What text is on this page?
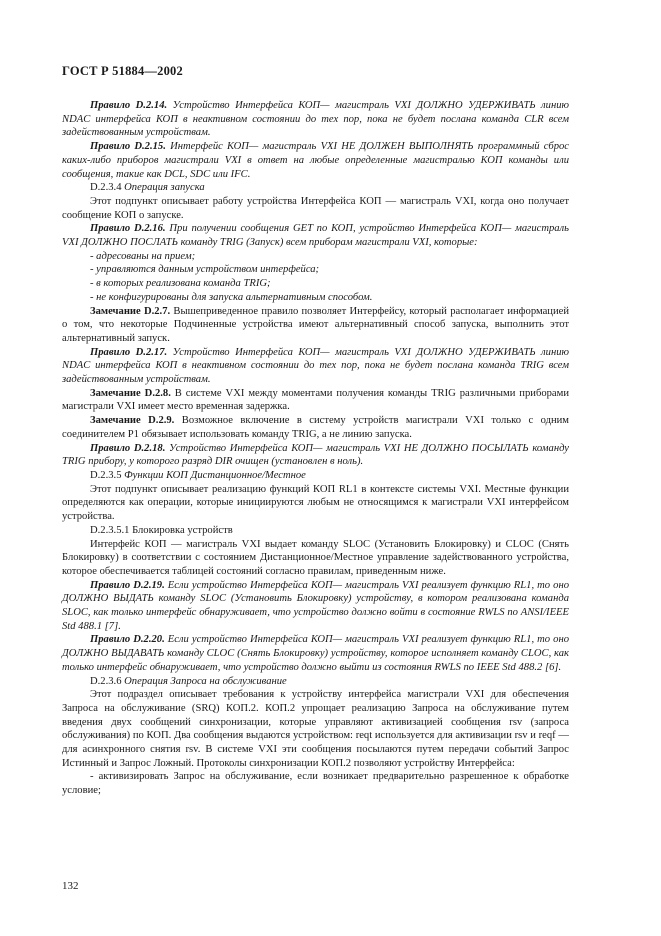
ГОСТ Р 51884—2002

Правило D.2.14. Устройство Интерфейса КОП— магистраль VXI ДОЛЖНО УДЕРЖИВАТЬ линию NDAC интерфейса КОП в неактивном состоянии до тех пор, пока не будет послана команда CLR всем задействованным устройствам.

Правило D.2.15. Интерфейс КОП— магистраль VXI НЕ ДОЛЖЕН ВЫПОЛНЯТЬ программный сброс каких-либо приборов магистрали VXI в ответ на любые определенные магистралью КОП команды или сообщения, такие как DCL, SDC или IFC.

D.2.3.4 Операция запуска

Этот подпункт описывает работу устройства Интерфейса КОП — магистраль VXI, когда оно получает сообщение КОП о запуске.

Правило D.2.16. При получении сообщения GET по КОП, устройство Интерфейса КОП— магистраль VXI ДОЛЖНО ПОСЛАТЬ команду TRIG (Запуск) всем приборам магистрали VXI, которые:

- адресованы на прием;

- управляются данным устройством интерфейса;

- в которых реализована команда TRIG;

- не конфигурированы для запуска альтернативным способом.

Замечание D.2.7. Вышеприведенное правило позволяет Интерфейсу, который располагает информацией о том, что некоторые Подчиненные устройства имеют альтернативный способ запуска, выполнить этот альтернативный запуск.

Правило D.2.17. Устройство Интерфейса КОП— магистраль VXI ДОЛЖНО УДЕРЖИВАТЬ линию NDAC интерфейса КОП в неактивном состоянии до тех пор, пока не будет послана команда TRIG всем задействованным устройствам.

Замечание D.2.8. В системе VXI между моментами получения команды TRIG различными приборами магистрали VXI имеет место временная задержка.

Замечание D.2.9. Возможное включение в систему устройств магистрали VXI только с одним соединителем P1 обязывает использовать команду TRIG, а не линию запуска.

Правило D.2.18. Устройство Интерфейса КОП— магистраль VXI НЕ ДОЛЖНО ПОСЫЛАТЬ команду TRIG прибору, у которого разряд DIR очищен (установлен в ноль).

D.2.3.5 Функции КОП Дистанционное/Местное

Этот подпункт описывает реализацию функций КОП RL1 в контексте системы VXI. Местные функции определяются как операции, которые инициируются любым не относящимся к магистрали VXI интерфейсом устройства.

D.2.3.5.1 Блокировка устройств

Интерфейс КОП — магистраль VXI выдает команду SLOC (Установить Блокировку) и CLOC (Снять Блокировку) в соответствии с состоянием Дистанционное/Местное управление задействованного устройства, которое обеспечивается таблицей состояний согласно правилам, приведенным ниже.

Правило D.2.19. Если устройство Интерфейса КОП— магистраль VXI реализует функцию RL1, то оно ДОЛЖНО ВЫДАТЬ команду SLOC (Установить Блокировку) устройству, в котором реализована команда SLOC, как только интерфейс обнаруживает, что устройство должно войти в состояние RWLS по ANSI/IEEE Std 488.1 [7].

Правило D.2.20. Если устройство Интерфейса КОП— магистраль VXI реализует функцию RL1, то оно ДОЛЖНО ВЫДАВАТЬ команду CLOC (Снять Блокировку) устройству, которое исполняет команду CLOC, как только интерфейс обнаруживает, что устройство должно выйти из состояния RWLS по IEEE Std 488.2 [6].

D.2.3.6 Операция Запроса на обслуживание

Этот подраздел описывает требования к устройству интерфейса магистрали VXI для обеспечения Запроса на обслуживание (SRQ) КОП.2. КОП.2 упрощает реализацию Запроса на обслуживание путем введения двух сообщений синхронизации, которые управляют активизацией сообщения rsv (запроса обслуживания) по КОП. Два сообщения выдаются устройством: reqt используется для активизации rsv и reqf — для асинхронного снятия rsv. В системе VXI эти сообщения посылаются путем передачи событий Запрос Истинный и Запрос Ложный. Протоколы синхронизации КОП.2 позволяют устройству Интерфейса:

- активизировать Запрос на обслуживание, если возникает предварительно разрешенное к обработке условие;

132
